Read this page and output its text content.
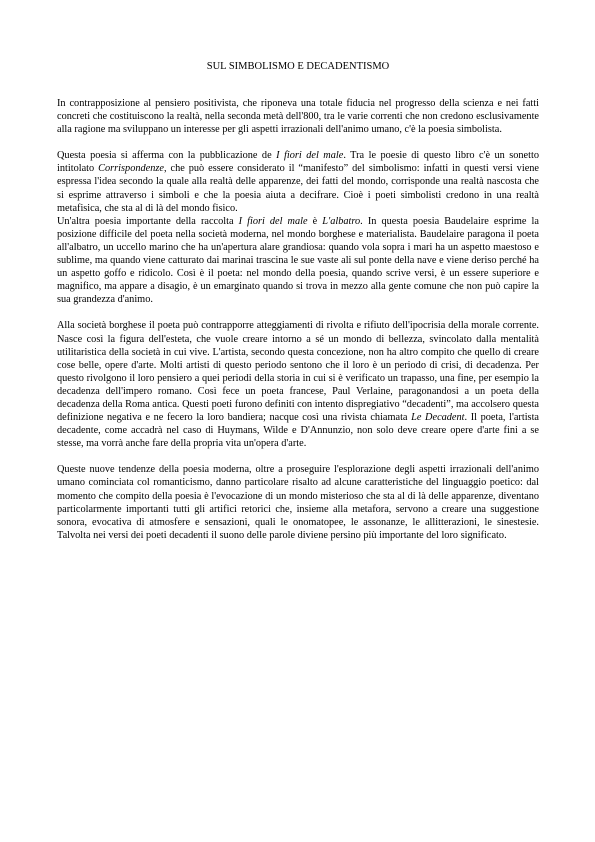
SUL SIMBOLISMO E DECADENTISMO

In contrapposizione al pensiero positivista, che riponeva una totale fiducia nel progresso della scienza e nei fatti concreti che costituiscono la realtà, nella seconda metà dell'800, tra le varie correnti che non credono esclusivamente alla ragione ma sviluppano un interesse per gli aspetti irrazionali dell'animo umano, c'è la poesia simbolista.

Questa poesia si afferma con la pubblicazione de I fiori del male. Tra le poesie di questo libro c'è un sonetto intitolato Corrispondenze, che può essere considerato il “manifesto” del simbolismo: infatti in questi versi viene espressa l'idea secondo la quale alla realtà delle apparenze, dei fatti del mondo, corrisponde una realtà nascosta che si esprime attraverso i simboli e che la poesia aiuta a decifrare. Cioè i poeti simbolisti credono in una realtà metafisica, che sta al di là del mondo fisico.

Un'altra poesia importante della raccolta I fiori del male è L'albatro. In questa poesia Baudelaire esprime la posizione difficile del poeta nella società moderna, nel mondo borghese e materialista. Baudelaire paragona il poeta all'albatro, un uccello marino che ha un'apertura alare grandiosa: quando vola sopra i mari ha un aspetto maestoso e sublime, ma quando viene catturato dai marinai trascina le sue vaste ali sul ponte della nave e viene deriso perché ha un aspetto goffo e ridicolo. Così è il poeta: nel mondo della poesia, quando scrive versi, è un essere superiore e magnifico, ma appare a disagio, è un emarginato quando si trova in mezzo alla gente comune che non può capire la sua grandezza d'animo.

Alla società borghese il poeta può contrapporre atteggiamenti di rivolta e rifiuto dell'ipocrisia della morale corrente. Nasce così la figura dell'esteta, che vuole creare intorno a sé un mondo di bellezza, svincolato dalla mentalità utilitaristica della società in cui vive. L'artista, secondo questa concezione, non ha altro compito che quello di creare cose belle, opere d'arte. Molti artisti di questo periodo sentono che il loro è un periodo di crisi, di decadenza. Per questo rivolgono il loro pensiero a quei periodi della storia in cui si è verificato un trapasso, una fine, per esempio la decadenza dell'impero romano. Così fece un poeta francese, Paul Verlaine, paragonandosi a un poeta della decadenza della Roma antica. Questi poeti furono definiti con intento dispregiativo “decadenti”, ma accolsero questa definizione negativa e ne fecero la loro bandiera; nacque così una rivista chiamata Le Decadent. Il poeta, l'artista decadente, come accadrà nel caso di Huymans, Wilde e D'Annunzio, non solo deve creare opere d'arte fini a se stesse, ma vorrà anche fare della propria vita un'opera d'arte.

Queste nuove tendenze della poesia moderna, oltre a proseguire l'esplorazione degli aspetti irrazionali dell'animo umano cominciata col romanticismo, danno particolare risalto ad alcune caratteristiche del linguaggio poetico: dal momento che compito della poesia è l'evocazione di un mondo misterioso che sta al di là delle apparenze, diventano particolarmente importanti tutti gli artifici retorici che, insieme alla metafora, servono a creare una suggestione sonora, evocativa di atmosfere e sensazioni, quali le onomatopee, le assonanze, le allitterazioni, le sinestesie. Talvolta nei versi dei poeti decadenti il suono delle parole diviene persino più importante del loro significato.
